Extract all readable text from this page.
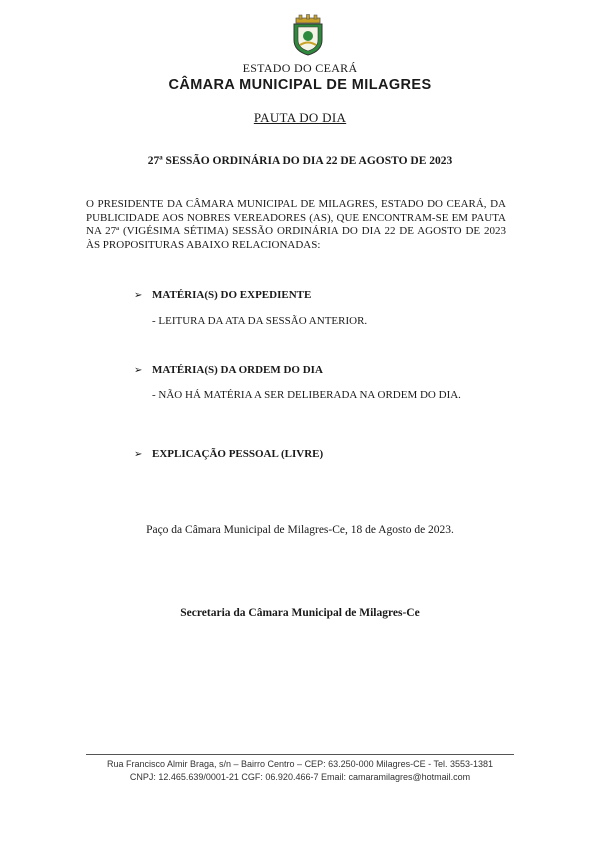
ESTADO DO CEARÁ
CÂMARA MUNICIPAL DE MILAGRES
PAUTA DO DIA
27ª SESSÃO ORDINÁRIA DO DIA 22 DE AGOSTO DE 2023
O PRESIDENTE DA CÂMARA MUNICIPAL DE MILAGRES, ESTADO DO CEARÁ, DA PUBLICIDADE AOS NOBRES VEREADORES (AS), QUE ENCONTRAM-SE EM PAUTA NA 27ª (VIGÉSIMA SÉTIMA) SESSÃO ORDINÁRIA DO DIA 22 DE AGOSTO DE 2023 ÀS PROPOSITURAS ABAIXO RELACIONADAS:
➢ MATÉRIA(S) DO EXPEDIENTE
- LEITURA DA ATA DA SESSÃO ANTERIOR.
➢ MATÉRIA(S) DA ORDEM DO DIA
- NÃO HÁ MATÉRIA A SER DELIBERADA NA ORDEM DO DIA.
➢ EXPLICAÇÃO PESSOAL (LIVRE)
Paço da Câmara Municipal de Milagres-Ce, 18 de Agosto de 2023.
Secretaria da Câmara Municipal de Milagres-Ce
Rua Francisco Almir Braga, s/n – Bairro Centro – CEP: 63.250-000 Milagres-CE - Tel. 3553-1381
CNPJ: 12.465.639/0001-21 CGF: 06.920.466-7 Email: camaramilagres@hotmail.com
